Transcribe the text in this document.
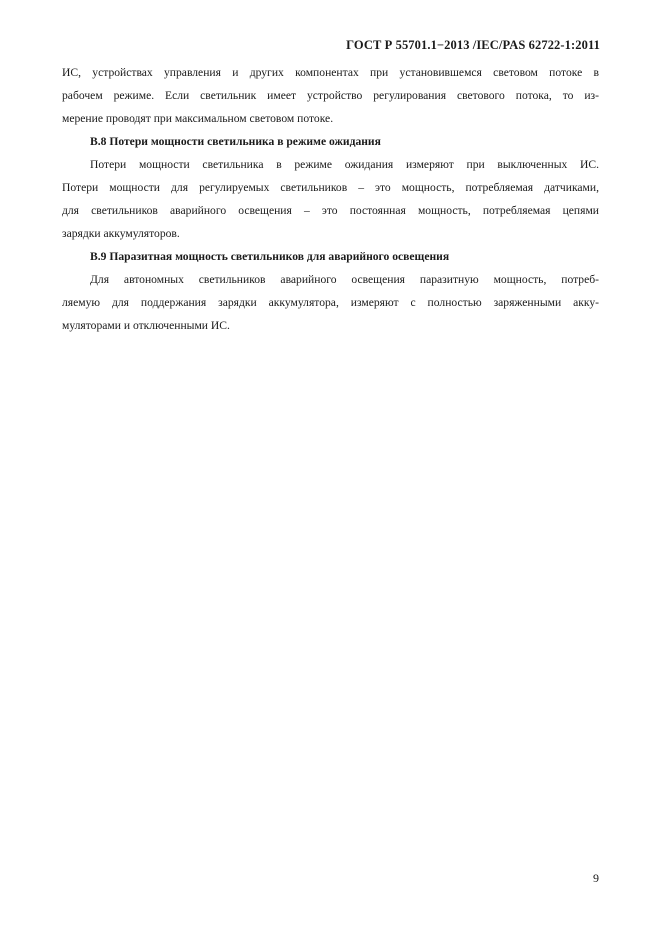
ГОСТ Р 55701.1−2013 /IEC/PAS 62722-1:2011
ИС, устройствах управления и других компонентах при установившемся световом потоке в
рабочем режиме. Если светильник имеет устройство регулирования светового потока, то из-
мерение проводят при максимальном световом потоке.
В.8 Потери мощности светильника в режиме ожидания
Потери мощности светильника в режиме ожидания измеряют при выключенных ИС.
Потери мощности для регулируемых светильников – это мощность, потребляемая датчиками,
для светильников аварийного освещения – это постоянная мощность, потребляемая цепями
зарядки аккумуляторов.
В.9 Паразитная мощность светильников для аварийного освещения
Для автономных светильников аварийного освещения паразитную мощность, потреб-
ляемую для поддержания зарядки аккумулятора, измеряют с полностью заряженными акку-
муляторами и отключенными ИС.
9
